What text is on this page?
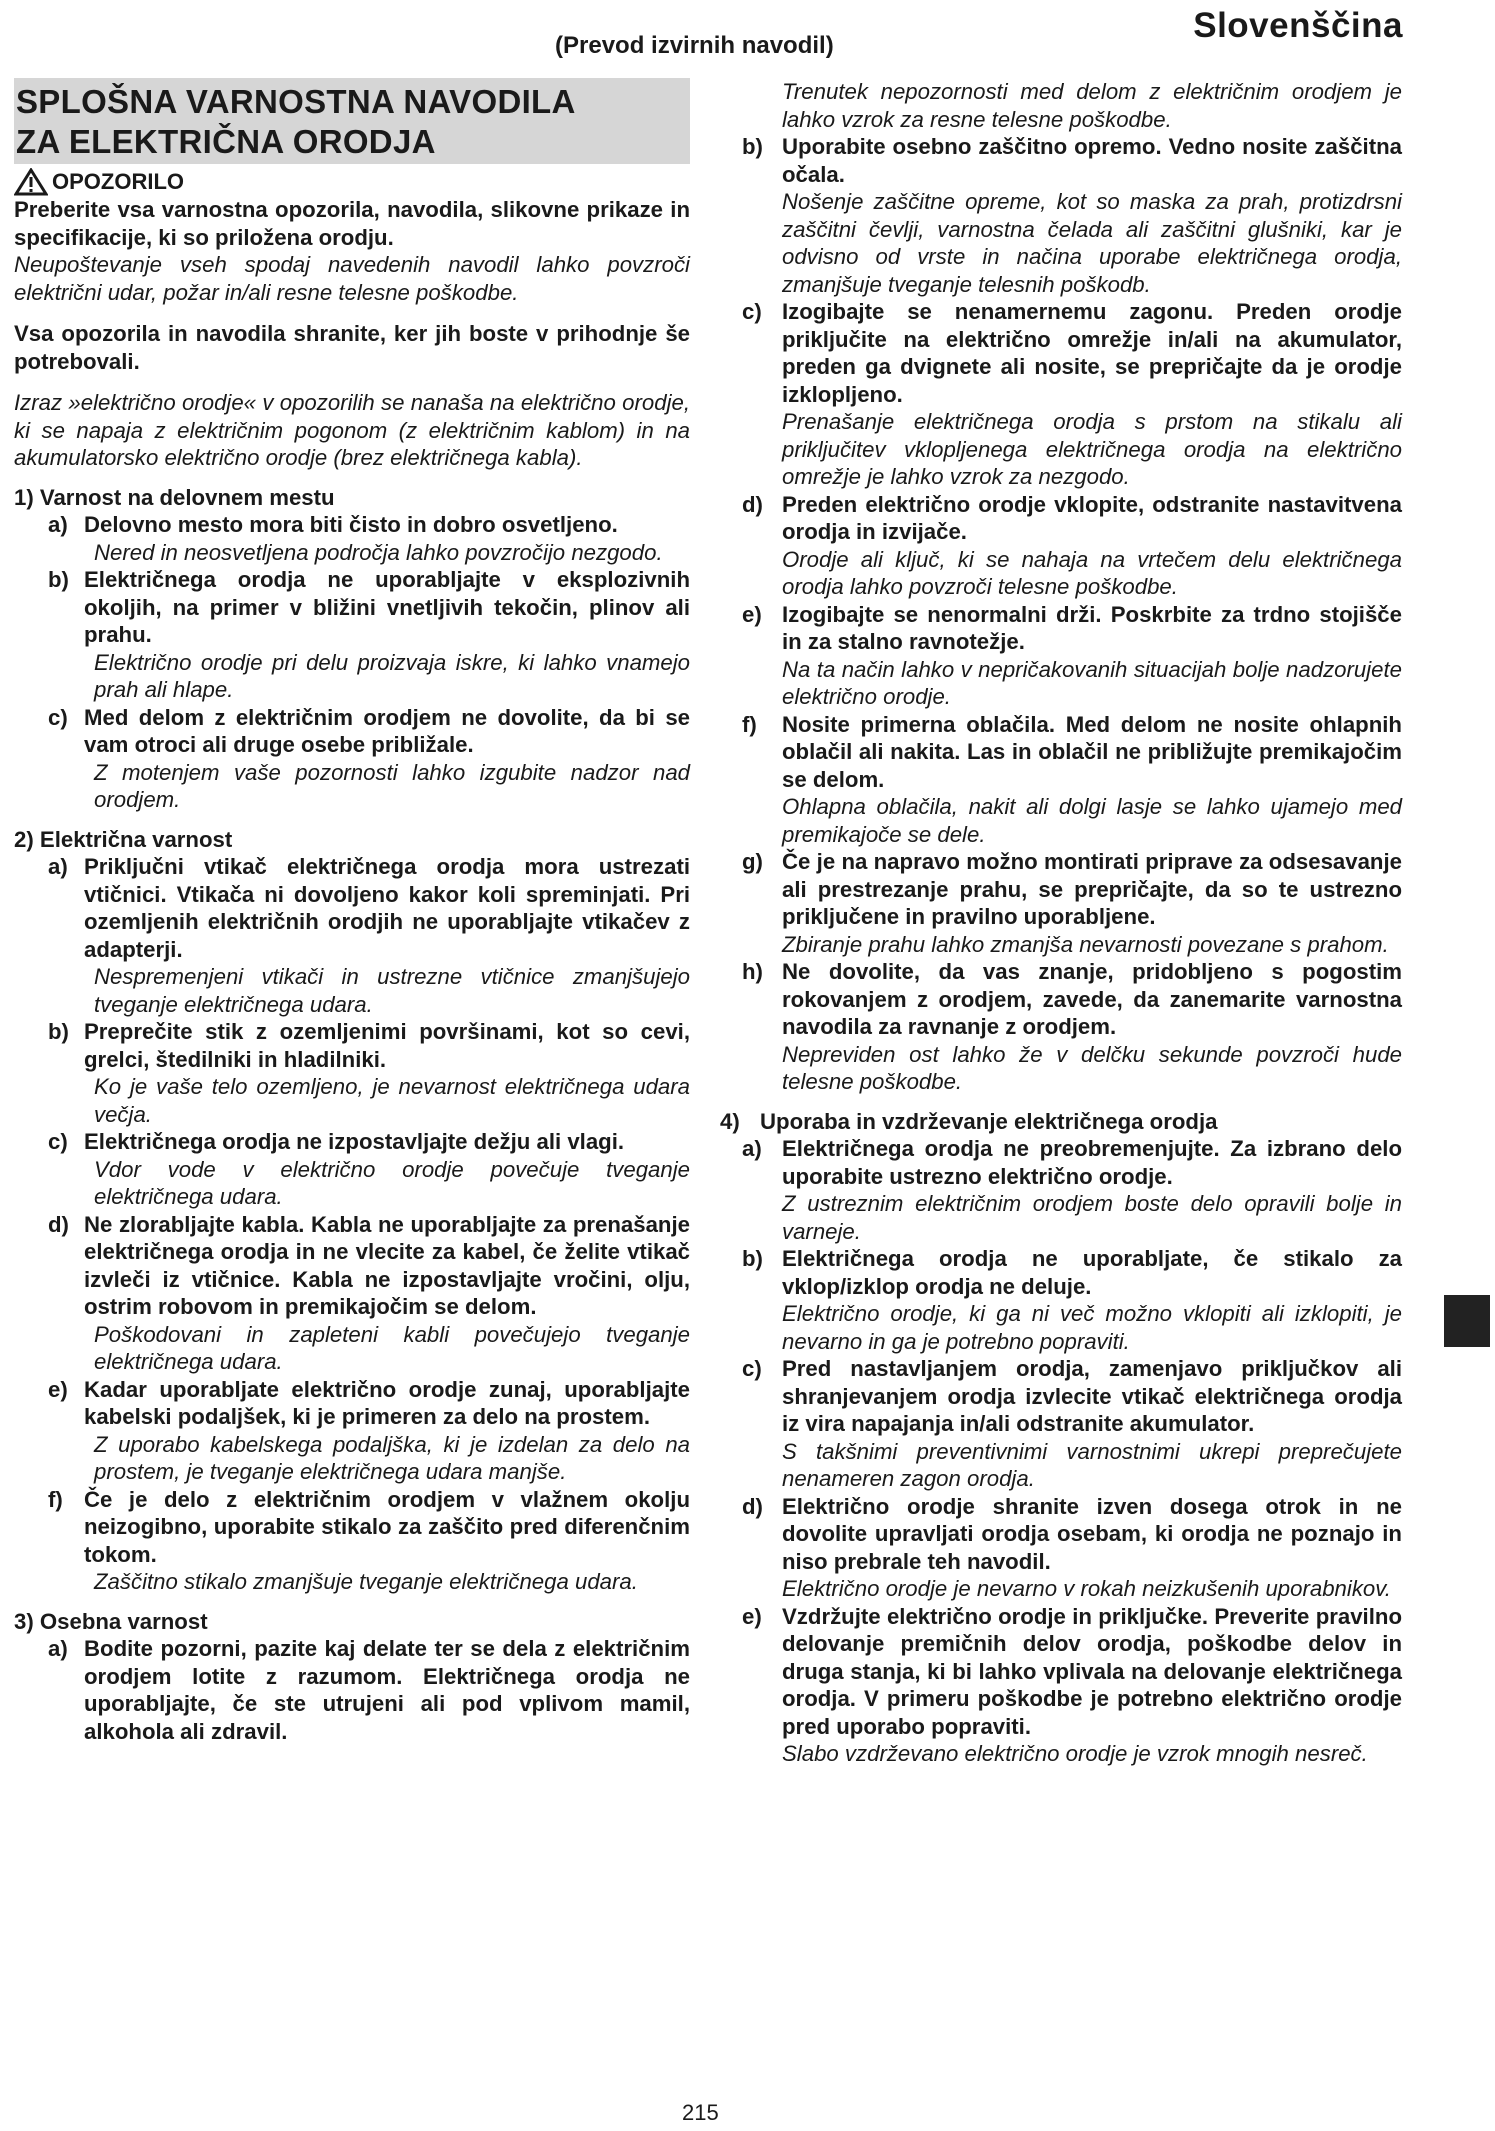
Slovenščina
(Prevod izvirnih navodil)
SPLOŠNA VARNOSTNA NAVODILA
ZA ELEKTRIČNA ORODJA
OPOZORILO
Preberite vsa varnostna opozorila, navodila, slikovne prikaze in specifikacije, ki so priložena orodju.
Neupoštevanje vseh spodaj navedenih navodil lahko povzroči električni udar, požar in/ali resne telesne poškodbe.
Vsa opozorila in navodila shranite, ker jih boste v prihodnje še potrebovali.
Izraz »električno orodje« v opozorilih se nanaša na električno orodje, ki se napaja z električnim pogonom (z električnim kablom) in na akumulatorsko električno orodje (brez električnega kabla).
1) Varnost na delovnem mestu
a) Delovno mesto mora biti čisto in dobro osvetljeno.
Nered in neosvetljena področja lahko povzročijo nezgodo.
b) Električnega orodja ne uporabljajte v eksplozivnih okoljih, na primer v bližini vnetljivih tekočin, plinov ali prahu.
Električno orodje pri delu proizvaja iskre, ki lahko vnamejo prah ali hlape.
c) Med delom z električnim orodjem ne dovolite, da bi se vam otroci ali druge osebe približale.
Z motenjem vaše pozornosti lahko izgubite nadzor nad orodjem.
2) Električna varnost
a) Priključni vtikač električnega orodja mora ustrezati vtičnici. Vtikača ni dovoljeno kakor koli spreminjati. Pri ozemljenih električnih orodjih ne uporabljajte vtikačev z adapterji.
Nespremenjeni vtikači in ustrezne vtičnice zmanjšujejo tveganje električnega udara.
b) Preprečite stik z ozemljenimi površinami, kot so cevi, grelci, štedilniki in hladilniki.
Ko je vaše telo ozemljeno, je nevarnost električnega udara večja.
c) Električnega orodja ne izpostavljajte dežju ali vlagi.
Vdor vode v električno orodje povečuje tveganje električnega udara.
d) Ne zlorabljajte kabla. Kabla ne uporabljajte za prenašanje električnega orodja in ne vlecite za kabel, če želite vtikač izvleči iz vtičnice. Kabla ne izpostavljajte vročini, olju, ostrim robovom in premikajočim se delom.
Poškodovani in zapleteni kabli povečujejo tveganje električnega udara.
e) Kadar uporabljate električno orodje zunaj, uporabljajte kabelski podaljšek, ki je primeren za delo na prostem.
Z uporabo kabelskega podaljška, ki je izdelan za delo na prostem, je tveganje električnega udara manjše.
f) Če je delo z električnim orodjem v vlažnem okolju neizogibno, uporabite stikalo za zaščito pred diferenčnim tokom.
Zaščitno stikalo zmanjšuje tveganje električnega udara.
3) Osebna varnost
a) Bodite pozorni, pazite kaj delate ter se dela z električnim orodjem lotite z razumom. Električnega orodja ne uporabljajte, če ste utrujeni ali pod vplivom mamil, alkohola ali zdravil.
Trenutek nepozornosti med delom z električnim orodjem je lahko vzrok za resne telesne poškodbe.
b) Uporabite osebno zaščitno opremo. Vedno nosite zaščitna očala.
Nošenje zaščitne opreme, kot so maska za prah, protizdrsni zaščitni čevlji, varnostna čelada ali zaščitni glušniki, kar je odvisno od vrste in načina uporabe električnega orodja, zmanjšuje tveganje telesnih poškodb.
c) Izogibajte se nenamernemu zagonu. Preden orodje priključite na električno omrežje in/ali na akumulator, preden ga dvignete ali nosite, se prepričajte da je orodje izklopljeno.
Prenašanje električnega orodja s prstom na stikalu ali priključitev vklopljenega električnega orodja na električno omrežje je lahko vzrok za nezgodo.
d) Preden električno orodje vklopite, odstranite nastavitvena orodja in izvijače.
Orodje ali ključ, ki se nahaja na vrtečem delu električnega orodja lahko povzroči telesne poškodbe.
e) Izogibajte se nenormalni drži. Poskrbite za trdno stojišče in za stalno ravnotežje.
Na ta način lahko v nepričakovanih situacijah bolje nadzorujete električno orodje.
f)	Nosite primerna oblačila. Med delom ne nosite ohlapnih oblačil ali nakita. Las in oblačil ne približujte premikajočim se delom.
Ohlapna oblačila, nakit ali dolgi lasje se lahko ujamejo med premikajoče se dele.
g) Če je na napravo možno montirati priprave za odsesavanje ali prestrezanje prahu, se prepričajte, da so te ustrezno priključene in pravilno uporabljene.
Zbiranje prahu lahko zmanjša nevarnosti povezane s prahom.
h) Ne dovolite, da vas znanje, pridobljeno s pogostim rokovanjem z orodjem, zavede, da zanemarite varnostna navodila za ravnanje z orodjem.
Nepreviden ost lahko že v delčku sekunde povzroči hude telesne poškodbe.
4) Uporaba in vzdrževanje električnega orodja
a) Električnega orodja ne preobremenjujte. Za izbrano delo uporabite ustrezno električno orodje.
Z ustreznim električnim orodjem boste delo opravili bolje in varneje.
b) Električnega orodja ne uporabljate, če stikalo za vklop/izklop orodja ne deluje.
Električno orodje, ki ga ni več možno vklopiti ali izklopiti, je nevarno in ga je potrebno popraviti.
c) Pred nastavljanjem orodja, zamenjavo priključkov ali shranjevanjem orodja izvlecite vtikač električnega orodja iz vira napajanja in/ali odstranite akumulator.
S takšnimi preventivnimi varnostnimi ukrepi preprečujete nenameren zagon orodja.
d) Električno orodje shranite izven dosega otrok in ne dovolite upravljati orodja osebam, ki orodja ne poznajo in niso prebrale teh navodil.
Električno orodje je nevarno v rokah neizkušenih uporabnikov.
e) Vzdržujte električno orodje in priključke. Preverite pravilno delovanje premičnih delov orodja, poškodbe delov in druga stanja, ki bi lahko vplivala na delovanje električnega orodja. V primeru poškodbe je potrebno električno orodje pred uporabo popraviti.
Slabo vzdrževano električno orodje je vzrok mnogih nesreč.
215
